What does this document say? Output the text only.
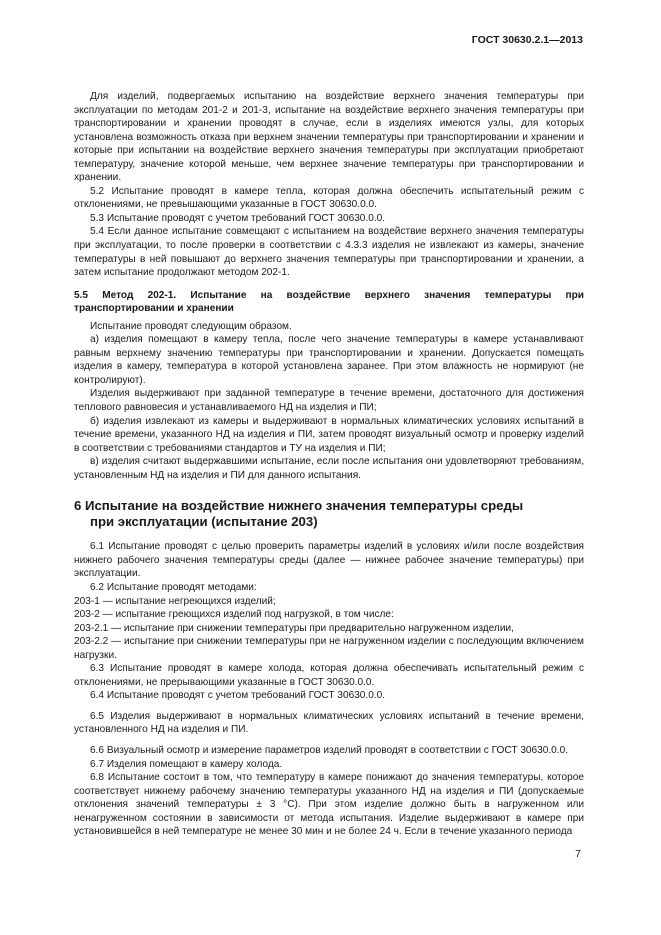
ГОСТ 30630.2.1—2013

Для изделий, подвергаемых испытанию на воздействие верхнего значения температуры при эксплуатации по методам 201-2 и 201-3, испытание на воздействие верхнего значения температуры при транспортировании и хранении проводят в случае, если в изделиях имеются узлы, для которых установлена возможность отказа при верхнем значении температуры при транспортировании и хранении и которые при испытании на воздействие верхнего значения температуры при эксплуатации приобретают температуру, значение которой меньше, чем верхнее значение температуры при транспортировании и хранении.

5.2 Испытание проводят в камере тепла, которая должна обеспечить испытательный режим с отклонениями, не превышающими указанные в ГОСТ 30630.0.0.

5.3 Испытание проводят с учетом требований ГОСТ 30630.0.0.

5.4 Если данное испытание совмещают с испытанием на воздействие верхнего значения температуры при эксплуатации, то после проверки в соответствии с 4.3.3 изделия не извлекают из камеры, значение температуры в ней повышают до верхнего значения температуры при транспортировании и хранении, а затем испытание продолжают методом 202-1.

5.5 Метод 202-1. Испытание на воздействие верхнего значения температуры при транспортировании и хранении

Испытание проводят следующим образом.

а) изделия помещают в камеру тепла, после чего значение температуры в камере устанавливают равным верхнему значению температуры при транспортировании и хранении. Допускается помещать изделия в камеру, температура в которой установлена заранее. При этом влажность не нормируют (не контролируют).

Изделия выдерживают при заданной температуре в течение времени, достаточного для достижения теплового равновесия и устанавливаемого НД на изделия и ПИ;

б) изделия извлекают из камеры и выдерживают в нормальных климатических условиях испытаний в течение времени, указанного НД на изделия и ПИ, затем проводят визуальный осмотр и проверку изделий в соответствии с требованиями стандартов и ТУ на изделия и ПИ;

в) изделия считают выдержавшими испытание, если после испытания они удовлетворяют требованиям, установленным НД на изделия и ПИ для данного испытания.

6 Испытание на воздействие нижнего значения температуры среды
при эксплуатации (испытание 203)

6.1 Испытание проводят с целью проверить параметры изделий в условиях и/или после воздействия нижнего рабочего значения температуры среды (далее — нижнее рабочее значение температуры) при эксплуатации.

6.2 Испытание проводят методами:

203-1 — испытание негреющихся изделий;

203-2 — испытание греющихся изделий под нагрузкой, в том числе:

203-2.1 — испытание при снижении температуры при предварительно нагруженном изделии,

203-2.2 — испытание при снижении температуры при не нагруженном изделии с последующим включением нагрузки.

6.3 Испытание проводят в камере холода, которая должна обеспечивать испытательный режим с отклонениями, не прерывающими указанные в ГОСТ 30630.0.0.

6.4 Испытание проводят с учетом требований ГОСТ 30630.0.0.

6.5 Изделия выдерживают в нормальных климатических условиях испытаний в течение времени, установленного НД на изделия и ПИ.

6.6 Визуальный осмотр и измерение параметров изделий проводят в соответствии с ГОСТ 30630.0.0.

6.7 Изделия помещают в камеру холода.

6.8 Испытание состоит в том, что температуру в камере понижают до значения температуры, которое соответствует нижнему рабочему значению температуры указанного НД на изделия и ПИ (допускаемые отклонения значений температуры ± 3 °С). При этом изделие должно быть в нагруженном или ненагруженном состоянии в зависимости от метода испытания. Изделие выдерживают в камере при установившейся в ней температуре не менее 30 мин и не более 24 ч. Если в течение указанного периода

7
